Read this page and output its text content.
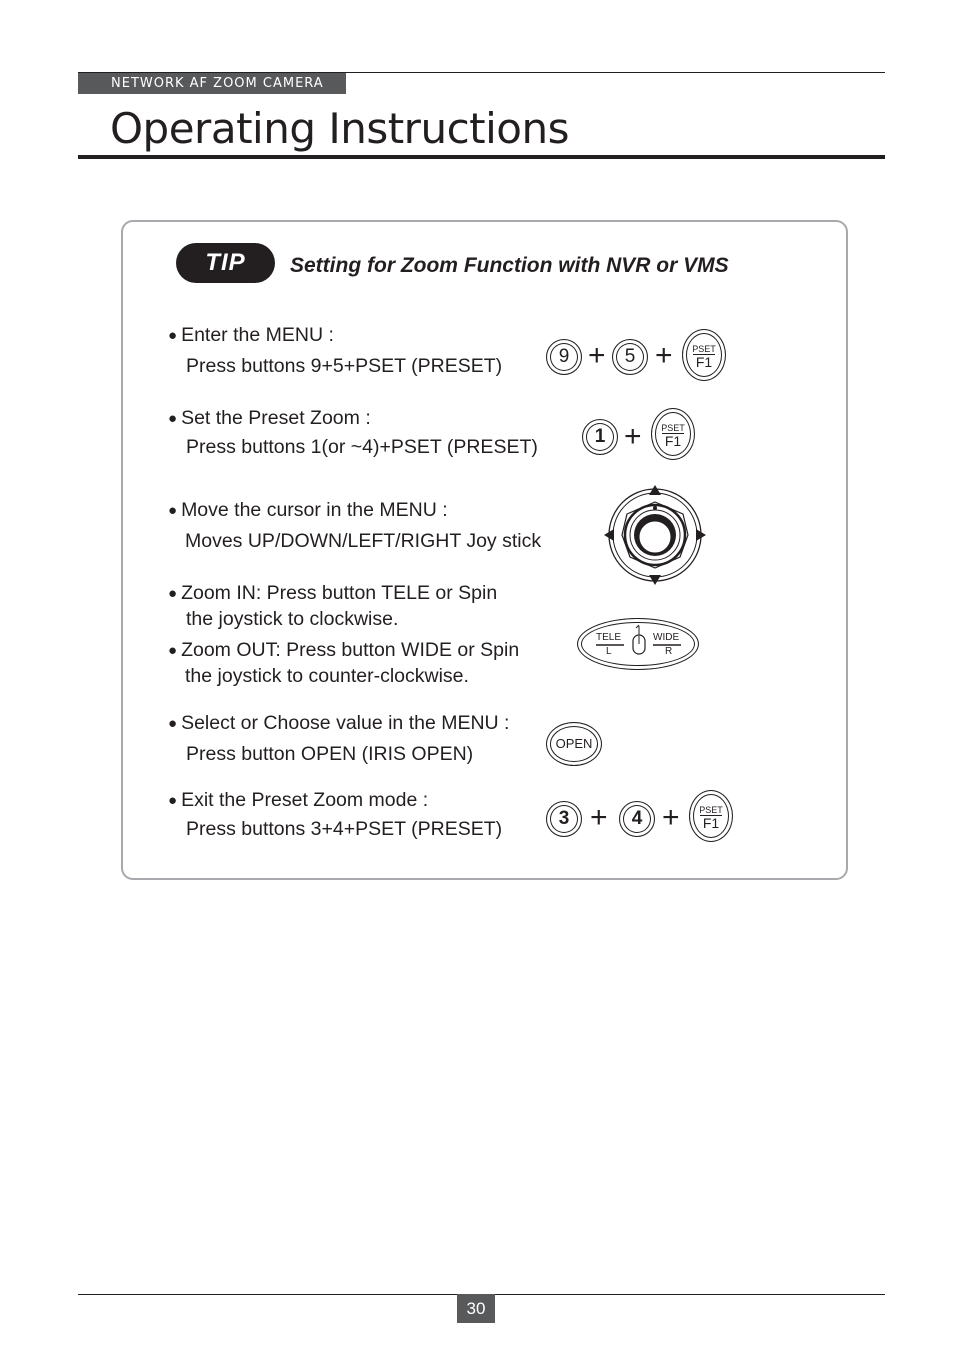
NETWORK AF ZOOM CAMERA
Operating Instructions
TIP	Setting for Zoom Function with NVR or VMS
● Enter the MENU :
Press buttons 9+5+PSET (PRESET)	9 +	5 +	PSET
F1
● Set the Preset Zoom :
Press buttons 1(or ~4)+PSET (PRESET)	1 +	PSET
F1
● Move the cursor in the MENU :
Moves UP/DOWN/LEFT/RIGHT Joy stick
● Zoom IN: Press button TELE or Spin
the joystick to clockwise.
● Zoom OUT: Press button WIDE or Spin
the joystick to counter-clockwise.
TELE
L
WIDE
R
● Select or Choose value in the MENU :
Press button OPEN (IRIS OPEN)	OPEN
● Exit the Preset Zoom mode :
Press buttons 3+4+PSET (PRESET)	3 +	4 +	PSET
F1
30
